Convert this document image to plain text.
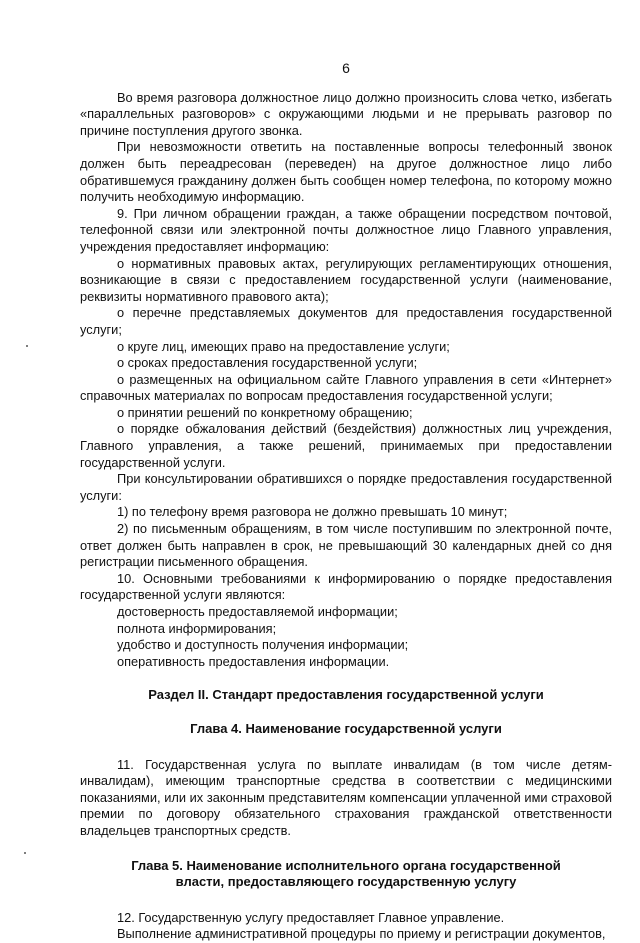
6

Во время разговора должностное лицо должно произносить слова четко, избегать «параллельных разговоров» с окружающими людьми и не прерывать разговор по причине поступления другого звонка.

При невозможности ответить на поставленные вопросы телефонный звонок должен быть переадресован (переведен) на другое должностное лицо либо обратившемуся гражданину должен быть сообщен номер телефона, по которому можно получить необходимую информацию.

9. При личном обращении граждан, а также обращении посредством почтовой, телефонной связи или электронной почты должностное лицо Главного управления, учреждения предоставляет информацию:

о нормативных правовых актах, регулирующих регламентирующих отношения, возникающие в связи с предоставлением государственной услуги (наименование, реквизиты нормативного правового акта);

о перечне представляемых документов для предоставления государственной услуги;

о круге лиц, имеющих право на предоставление услуги;

о сроках предоставления государственной услуги;

о размещенных на официальном сайте Главного управления в сети «Интернет» справочных материалах по вопросам предоставления государственной услуги;

о принятии решений по конкретному обращению;

о порядке обжалования действий (бездействия) должностных лиц учреждения, Главного управления, а также решений, принимаемых при предоставлении государственной услуги.

При консультировании обратившихся о порядке предоставления государственной услуги:

1) по телефону время разговора не должно превышать 10 минут;

2) по письменным обращениям, в том числе поступившим по электронной почте, ответ должен быть направлен в срок, не превышающий 30 календарных дней со дня регистрации письменного обращения.

10. Основными требованиями к информированию о порядке предоставления государственной услуги являются:

достоверность предоставляемой информации;

полнота информирования;

удобство и доступность получения информации;

оперативность предоставления информации.

Раздел II. Стандарт предоставления государственной услуги

Глава 4. Наименование государственной услуги

11. Государственная услуга по выплате инвалидам (в том числе детям-инвалидам), имеющим транспортные средства в соответствии с медицинскими показаниями, или их законным представителям компенсации уплаченной ими страховой премии по договору обязательного страхования гражданской ответственности владельцев транспортных средств.

Глава 5. Наименование исполнительного органа государственной
власти, предоставляющего государственную услугу

12. Государственную услугу предоставляет Главное управление.

Выполнение административной процедуры по приему и регистрации документов,
